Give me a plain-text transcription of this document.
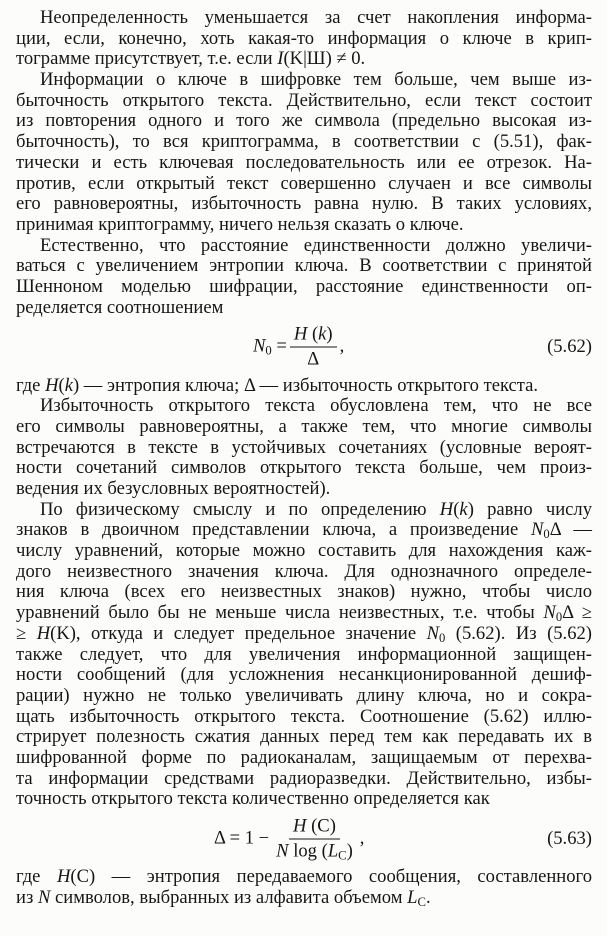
Неопределенность уменьшается за счет накопления информа-
ции, если, конечно, хоть какая-то информация о ключе в крип-
тограмме присутствует, т.е. если I(K|Ш) ≠ 0.
Информации о ключе в шифровке тем больше, чем выше из-
быточность открытого текста. Действительно, если текст состоит
из повторения одного и того же символа (предельно высокая из-
быточность), то вся криптограмма, в соответствии с (5.51), фак-
тически и есть ключевая последовательность или ее отрезок. На-
против, если открытый текст совершенно случаен и все символы
его равновероятны, избыточность равна нулю. В таких условиях,
принимая криптограмму, ничего нельзя сказать о ключе.
Естественно, что расстояние единственности должно увеличи-
ваться с увеличением энтропии ключа. В соответствии с принятой
Шенноном моделью шифрации, расстояние единственности оп-
ределяется соотношением
$N_0 = \frac{H (k)}{\Delta}$ ,	(5.62)
где H(k) — энтропия ключа; Δ — избыточность открытого текста.
Избыточность открытого текста обусловлена тем, что не все
его символы равновероятны, а также тем, что многие символы
встречаются в тексте в устойчивых сочетаниях (условные вероят-
ности сочетаний символов открытого текста больше, чем произ-
ведения их безусловных вероятностей).
По физическому смыслу и по определению H(k) равно числу
знаков в двоичном представлении ключа, а произведение $N_0\Delta$ —
числу уравнений, которые можно составить для нахождения каж-
дого неизвестного значения ключа. Для однозначного определе-
ния ключа (всех его неизвестных знаков) нужно, чтобы число
уравнений было бы не меньше числа неизвестных, т.е. чтобы $N_0\Delta$ ≥
≥ H(K), откуда и следует предельное значение $N_0$ (5.62). Из (5.62)
также следует, что для увеличения информационной защищен-
ности сообщений (для усложнения несанкционированной дешиф-
рации) нужно не только увеличивать длину ключа, но и сокра-
щать избыточность открытого текста. Соотношение (5.62) иллю-
стрирует полезность сжатия данных перед тем как передавать их в
шифрованной форме по радиоканалам, защищаемым от перехва-
та информации средствами радиоразведки. Действительно, избы-
точность открытого текста количественно определяется как
$\Delta = 1 - \frac{H (C)}{N \log (L_C)}$ ,	(5.63)
где H(C) — энтропия передаваемого сообщения, составленного
из N символов, выбранных из алфавита объемом $L_C$.
